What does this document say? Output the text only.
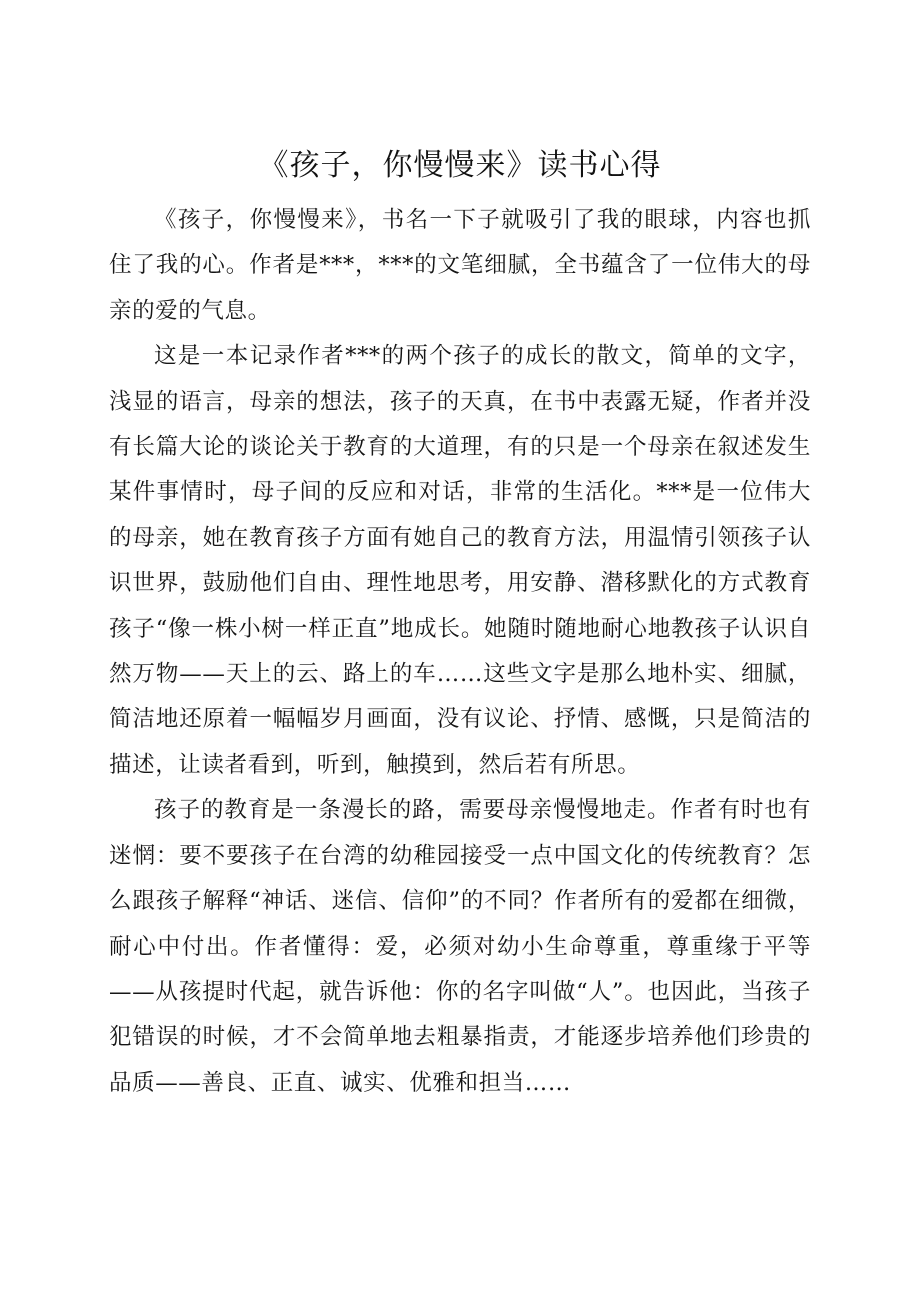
《孩子，你慢慢来》读书心得

《孩子，你慢慢来》，书名一下子就吸引了我的眼球，内容也抓住了我的心。作者是***，***的文笔细腻，全书蕴含了一位伟大的母亲的爱的气息。

这是一本记录作者***的两个孩子的成长的散文，简单的文字，浅显的语言，母亲的想法，孩子的天真，在书中表露无疑，作者并没有长篇大论的谈论关于教育的大道理，有的只是一个母亲在叙述发生某件事情时，母子间的反应和对话，非常的生活化。***是一位伟大的母亲，她在教育孩子方面有她自己的教育方法，用温情引领孩子认识世界，鼓励他们自由、理性地思考，用安静、潜移默化的方式教育孩子“像一株小树一样正直”地成长。她随时随地耐心地教孩子认识自然万物——天上的云、路上的车……这些文字是那么地朴实、细腻，简洁地还原着一幅幅岁月画面，没有议论、抒情、感慨，只是简洁的描述，让读者看到，听到，触摸到，然后若有所思。

孩子的教育是一条漫长的路，需要母亲慢慢地走。作者有时也有迷惘：要不要孩子在台湾的幼稚园接受一点中国文化的传统教育？怎么跟孩子解释“神话、迷信、信仰”的不同？作者所有的爱都在细微，耐心中付出。作者懂得：爱，必须对幼小生命尊重，尊重缘于平等——从孩提时代起，就告诉他：你的名字叫做“人”。也因此，当孩子犯错误的时候，才不会简单地去粗暴指责，才能逐步培养他们珍贵的品质——善良、正直、诚实、优雅和担当……
